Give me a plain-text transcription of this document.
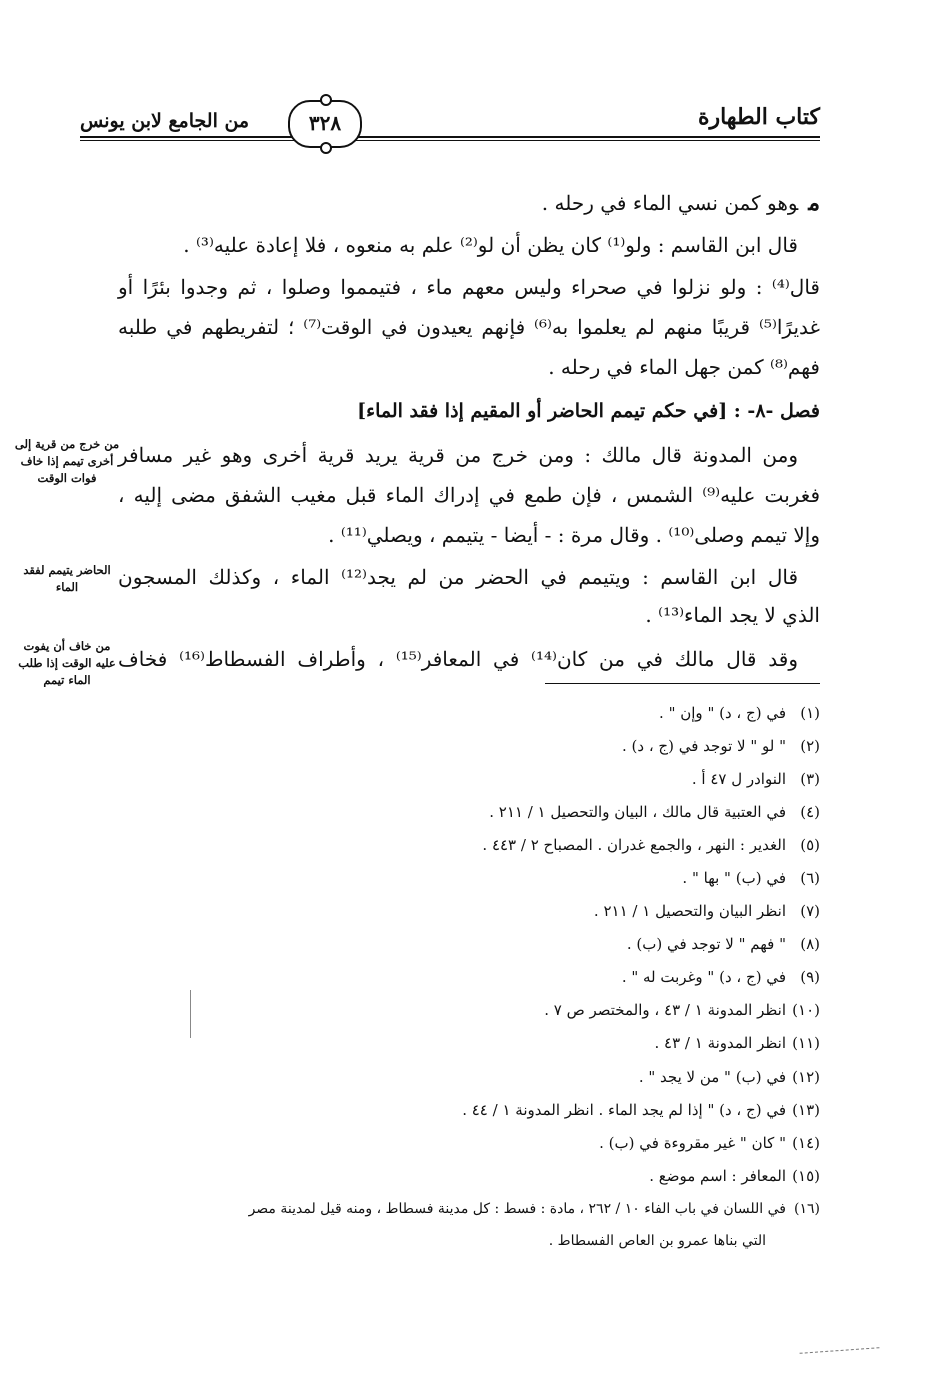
كتاب الطهارة
٣٢٨
من الجامع لابن يونس
موهو كمن نسي الماء في رحله .
قال ابن القاسم : ولو⁽¹⁾ كان يظن أن لو⁽²⁾ علم به منعوه ، فلا إعادة عليه⁽³⁾ .
قال⁽⁴⁾ : ولو نزلوا في صحراء وليس معهم ماء ، فتيمموا وصلوا ، ثم وجدوا بئرًا أو
غديرًا⁽⁵⁾ قريبًا منهم لم يعلموا به⁽⁶⁾ فإنهم يعيدون في الوقت⁽⁷⁾ ؛ لتفريطهم في طلبه
فهم⁽⁸⁾ كمن جهل الماء في رحله .
فصل -٨- : [في حكم تيمم الحاضر أو المقيم إذا فقد الماء]
ومن المدونة قال مالك : ومن خرج من قرية يريد قرية أخرى وهو غير مسافر
فغربت عليه⁽⁹⁾ الشمس ، فإن طمع في إدراك الماء قبل مغيب الشفق مضى إليه ،
وإلا تيمم وصلى⁽¹⁰⁾ . وقال مرة : - أيضا - يتيمم ، ويصلي⁽¹¹⁾ .
قال ابن القاسم : ويتيمم في الحضر من لم يجد⁽¹²⁾ الماء ، وكذلك المسجون
الذي لا يجد الماء⁽¹³⁾ .
وقد قال مالك في من كان⁽¹⁴⁾ في المعافر⁽¹⁵⁾ ، وأطراف الفسطاط⁽¹⁶⁾ فخاف
من خرج من قرية إلى أخرى تيمم إذا خاف فوات الوقت
الحاضر يتيمم لفقد الماء
من خاف أن يفوت عليه الوقت إذا طلب الماء تيمم
(١)في (ج ، د) " وإن " .
(٢)" لو " لا توجد في (ج ، د) .
(٣)النوادر ل ٤٧ أ .
(٤)في العتبية قال مالك ، البيان والتحصيل ١ / ٢١١ .
(٥)الغدير : النهر ، والجمع غدران . المصباح ٢ / ٤٤٣ .
(٦)في (ب) " بها " .
(٧)انظر البيان والتحصيل ١ / ٢١١ .
(٨)" فهم " لا توجد في (ب) .
(٩)في (ج ، د) " وغربت له " .
(١٠)انظر المدونة ١ / ٤٣ ، والمختصر ص ٧ .
(١١)انظر المدونة ١ / ٤٣ .
(١٢)في (ب) " من لا يجد " .
(١٣)في (ج ، د) " إذا لم يجد الماء . انظر المدونة ١ / ٤٤ .
(١٤)" كان " غير مقروءة في (ب) .
(١٥)المعافر : اسم موضع .
(١٦)في اللسان في باب الفاء ١٠ / ٢٦٢ ، مادة : فسط : كل مدينة فسطاط ، ومنه قيل لمدينة مصر
التي بناها عمرو بن العاص الفسطاط .
